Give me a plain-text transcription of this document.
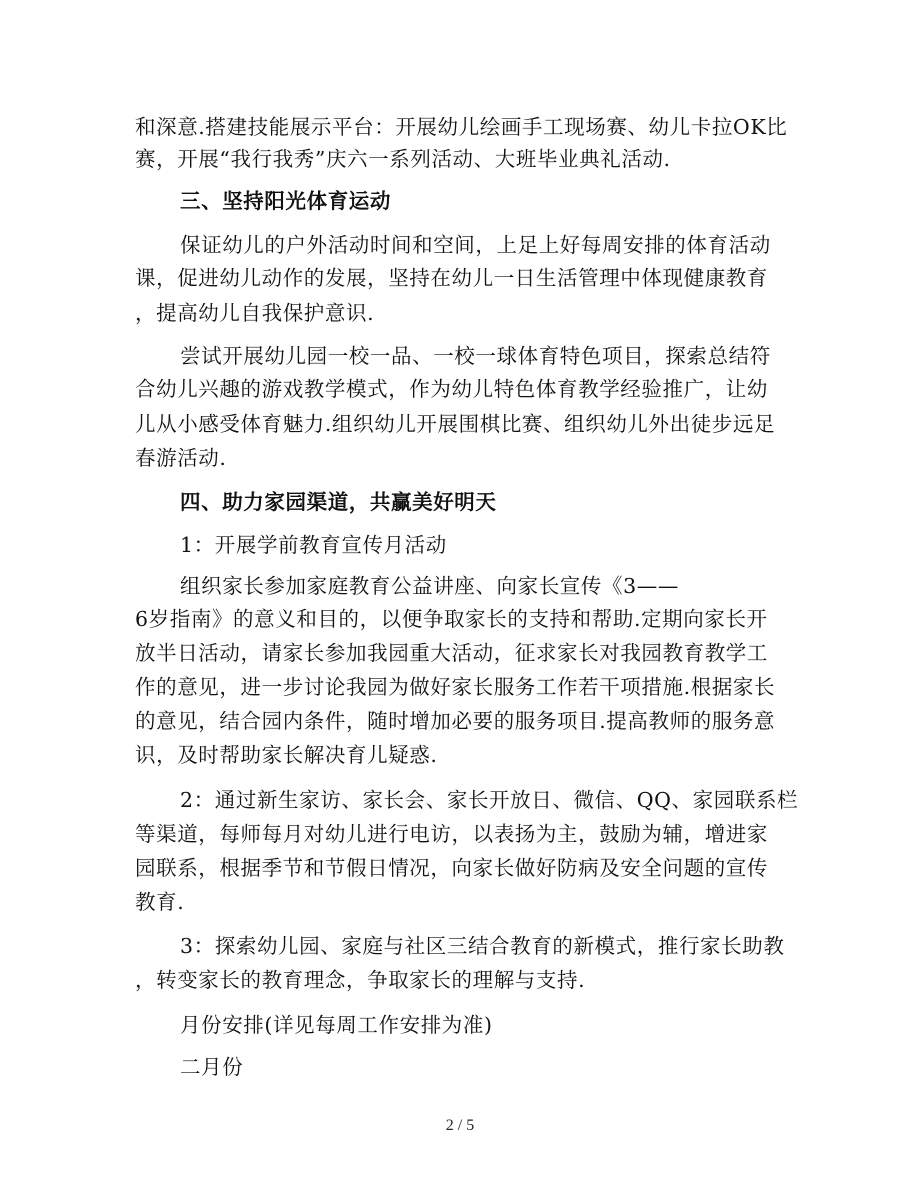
和深意.搭建技能展示平台：开展幼儿绘画手工现场赛、幼儿卡拉OK比
赛，开展“我行我秀”庆六一系列活动、大班毕业典礼活动.
三、坚持阳光体育运动
保证幼儿的户外活动时间和空间，上足上好每周安排的体育活动
课，促进幼儿动作的发展，坚持在幼儿一日生活管理中体现健康教育
，提高幼儿自我保护意识.
尝试开展幼儿园一校一品、一校一球体育特色项目，探索总结符
合幼儿兴趣的游戏教学模式，作为幼儿特色体育教学经验推广，让幼
儿从小感受体育魅力.组织幼儿开展围棋比赛、组织幼儿外出徒步远足
春游活动.
四、助力家园渠道，共赢美好明天
1：开展学前教育宣传月活动
组织家长参加家庭教育公益讲座、向家长宣传《3——
6岁指南》的意义和目的，以便争取家长的支持和帮助.定期向家长开
放半日活动，请家长参加我园重大活动，征求家长对我园教育教学工
作的意见，进一步讨论我园为做好家长服务工作若干项措施.根据家长
的意见，结合园内条件，随时增加必要的服务项目.提高教师的服务意
识，及时帮助家长解决育儿疑惑.
2：通过新生家访、家长会、家长开放日、微信、QQ、家园联系栏
等渠道，每师每月对幼儿进行电访，以表扬为主，鼓励为辅，增进家
园联系，根据季节和节假日情况，向家长做好防病及安全问题的宣传
教育.
3：探索幼儿园、家庭与社区三结合教育的新模式，推行家长助教
，转变家长的教育理念，争取家长的理解与支持.
月份安排(详见每周工作安排为准)
二月份
2 / 5
